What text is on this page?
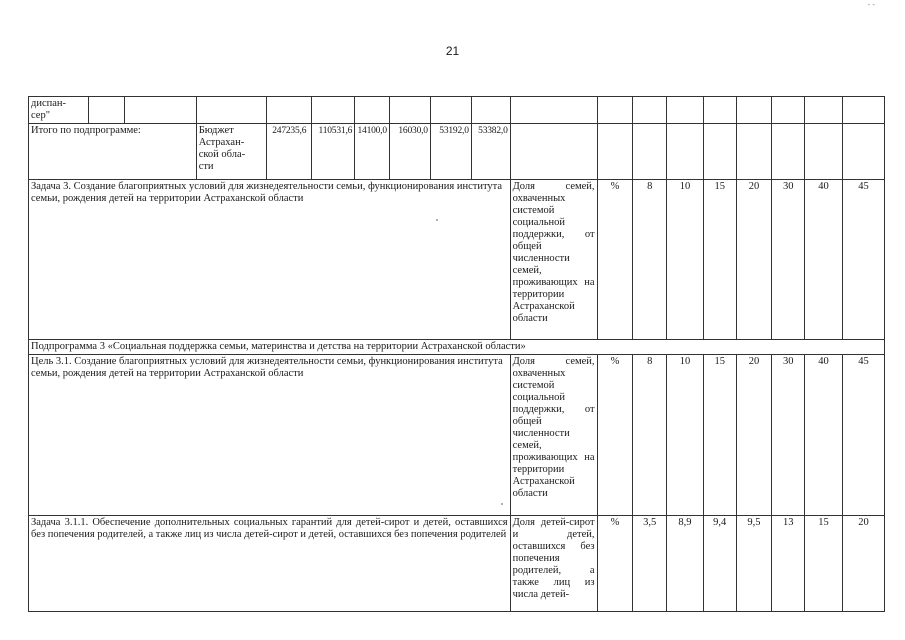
21
- -
диспан-
сер"																		
Итого по подпрограмме:			Бюджет
Астрахан-
ской обла-
сти	247235,6	110531,6	14100,0	16030,0	53192,0	53382,0									
Задача 3. Создание благоприятных условий для жизнедеятельности семьи, функционирования института семьи, рождения детей на территории Астраханской области										Доля семей, охваченных системой социальной поддержки, от общей численности семей, проживающих на территории Астраханской области	%	8	10	15	20	30	40	45
Подпрограмма 3 «Социальная поддержка семьи, материнства и детства на территории Астраханской области»																		
Цель 3.1. Создание благоприятных условий для жизнедеятельности семьи, функционирования института семьи, рождения детей на территории Астраханской области										Доля семей, охваченных системой социальной поддержки, от общей численности семей, проживающих на территории Астраханской области	%	8	10	15	20	30	40	45
Задача 3.1.1. Обеспечение дополнительных социальных гарантий для детей-сирот и детей, оставшихся без попечения родителей, а также лиц из числа детей-сирот и детей, оставшихся без попечения родителей										Доля детей-сирот и детей, оставшихся без попечения родителей, а также лиц из числа детей-	%	3,5	8,9	9,4	9,5	13	15	20
